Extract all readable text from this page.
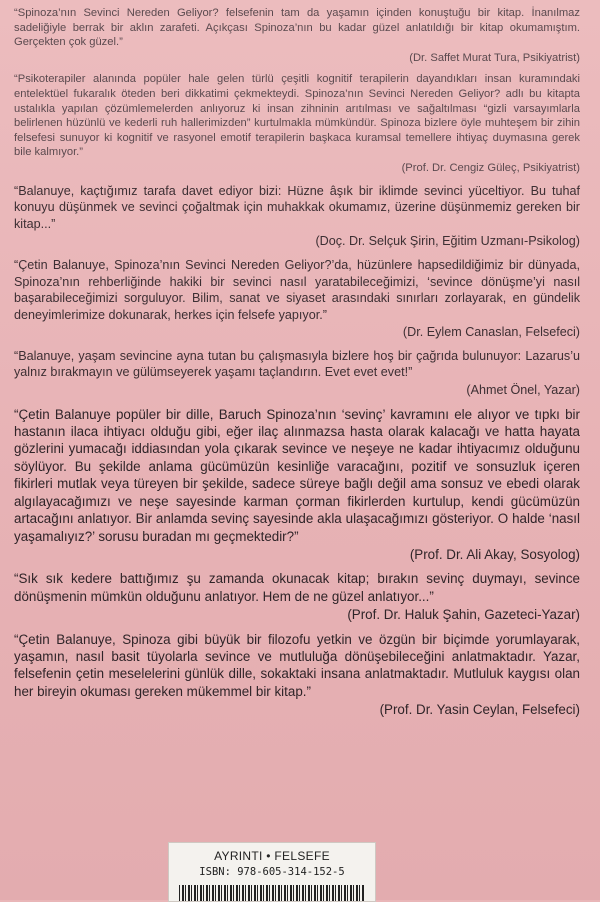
“Spinoza’nın Sevinci Nereden Geliyor? felsefenin tam da yaşamın içinden konuştuğu bir kitap. İnanılmaz sadeliğiyle berrak bir aklın zarafeti. Açıkçası Spinoza’nın bu kadar güzel anlatıldığı bir kitap okumamıştım. Gerçekten çok güzel.”

(Dr. Saffet Murat Tura, Psikiyatrist)

“Psikoterapiler alanında popüler hale gelen türlü çeşitli kognitif terapilerin dayandıkları insan kuramındaki entelektüel fukaralık öteden beri dikkatimi çekmekteydi. Spinoza’nın Sevinci Nereden Geliyor? adlı bu kitapta ustalıkla yapılan çözümlemelerden anlıyoruz ki insan zihninin arıtılması ve sağaltılması “gizli varsayımlarla belirlenen hüzünlü ve kederli ruh hallerimizden” kurtulmakla mümkündür. Spinoza bizlere öyle muhteşem bir zihin felsefesi sunuyor ki kognitif ve rasyonel emotif terapilerin başkaca kuramsal temellere ihtiyaç duymasına gerek bile kalmıyor.”

(Prof. Dr. Cengiz Güleç, Psikiyatrist)

“Balanuye, kaçtığımız tarafa davet ediyor bizi: Hüzne âşık bir iklimde sevinci yüceltiyor. Bu tuhaf konuyu düşünmek ve sevinci çoğaltmak için muhakkak okumamız, üzerine düşünmemiz gereken bir kitap...”

(Doç. Dr. Selçuk Şirin, Eğitim Uzmanı-Psikolog)

“Çetin Balanuye, Spinoza’nın Sevinci Nereden Geliyor?’da, hüzünlere hapsedildiğimiz bir dünyada, Spinoza’nın rehberliğinde hakiki bir sevinci nasıl yaratabileceğimizi, ‘sevince dönüşme’yi nasıl başarabileceğimizi sorguluyor. Bilim, sanat ve siyaset arasındaki sınırları zorlayarak, en gündelik deneyimlerimize dokunarak, herkes için felsefe yapıyor.”

(Dr. Eylem Canaslan, Felsefeci)

“Balanuye, yaşam sevincine ayna tutan bu çalışmasıyla bizlere hoş bir çağrıda bulunuyor: Lazarus’u yalnız bırakmayın ve gülümseyerek yaşamı taçlandırın. Evet evet evet!”

(Ahmet Önel, Yazar)

“Çetin Balanuye popüler bir dille, Baruch Spinoza’nın ‘sevinç’ kavramını ele alıyor ve tıpkı bir hastanın ilaca ihtiyacı olduğu gibi, eğer ilaç alınmazsa hasta olarak kalacağı ve hatta hayata gözlerini yumacağı iddiasından yola çıkarak sevince ve neşeye ne kadar ihtiyacımız olduğunu söylüyor. Bu şekilde anlama gücümüzün kesinliğe varacağını, pozitif ve sonsuzluk içeren fikirleri mutlak veya türeyen bir şekilde, sadece süreye bağlı değil ama sonsuz ve ebedi olarak algılayacağımızı ve neşe sayesinde karman çorman fikirlerden kurtulup, kendi gücümüzün artacağını anlatıyor. Bir anlamda sevinç sayesinde akla ulaşacağımızı gösteriyor. O halde ‘nasıl yaşamalıyız?’ sorusu buradan mı geçmektedir?”

(Prof. Dr. Ali Akay, Sosyolog)

“Sık sık kedere battığımız şu zamanda okunacak kitap; bırakın sevinç duymayı, sevince dönüşmenin mümkün olduğunu anlatıyor. Hem de ne güzel anlatıyor...”

(Prof. Dr. Haluk Şahin, Gazeteci-Yazar)

“Çetin Balanuye, Spinoza gibi büyük bir filozofu yetkin ve özgün bir biçimde yorumlayarak, yaşamın, nasıl basit tüyolarla sevince ve mutluluğa dönüşebileceğini anlatmaktadır. Yazar, felsefenin çetin meselelerini günlük dille, sokaktaki insana anlatmaktadır. Mutluluk kaygısı olan her bireyin okuması gereken mükemmel bir kitap.”

(Prof. Dr. Yasin Ceylan, Felsefeci)

AYRINTI • FELSEFE
ISBN: 978-605-314-152-5
